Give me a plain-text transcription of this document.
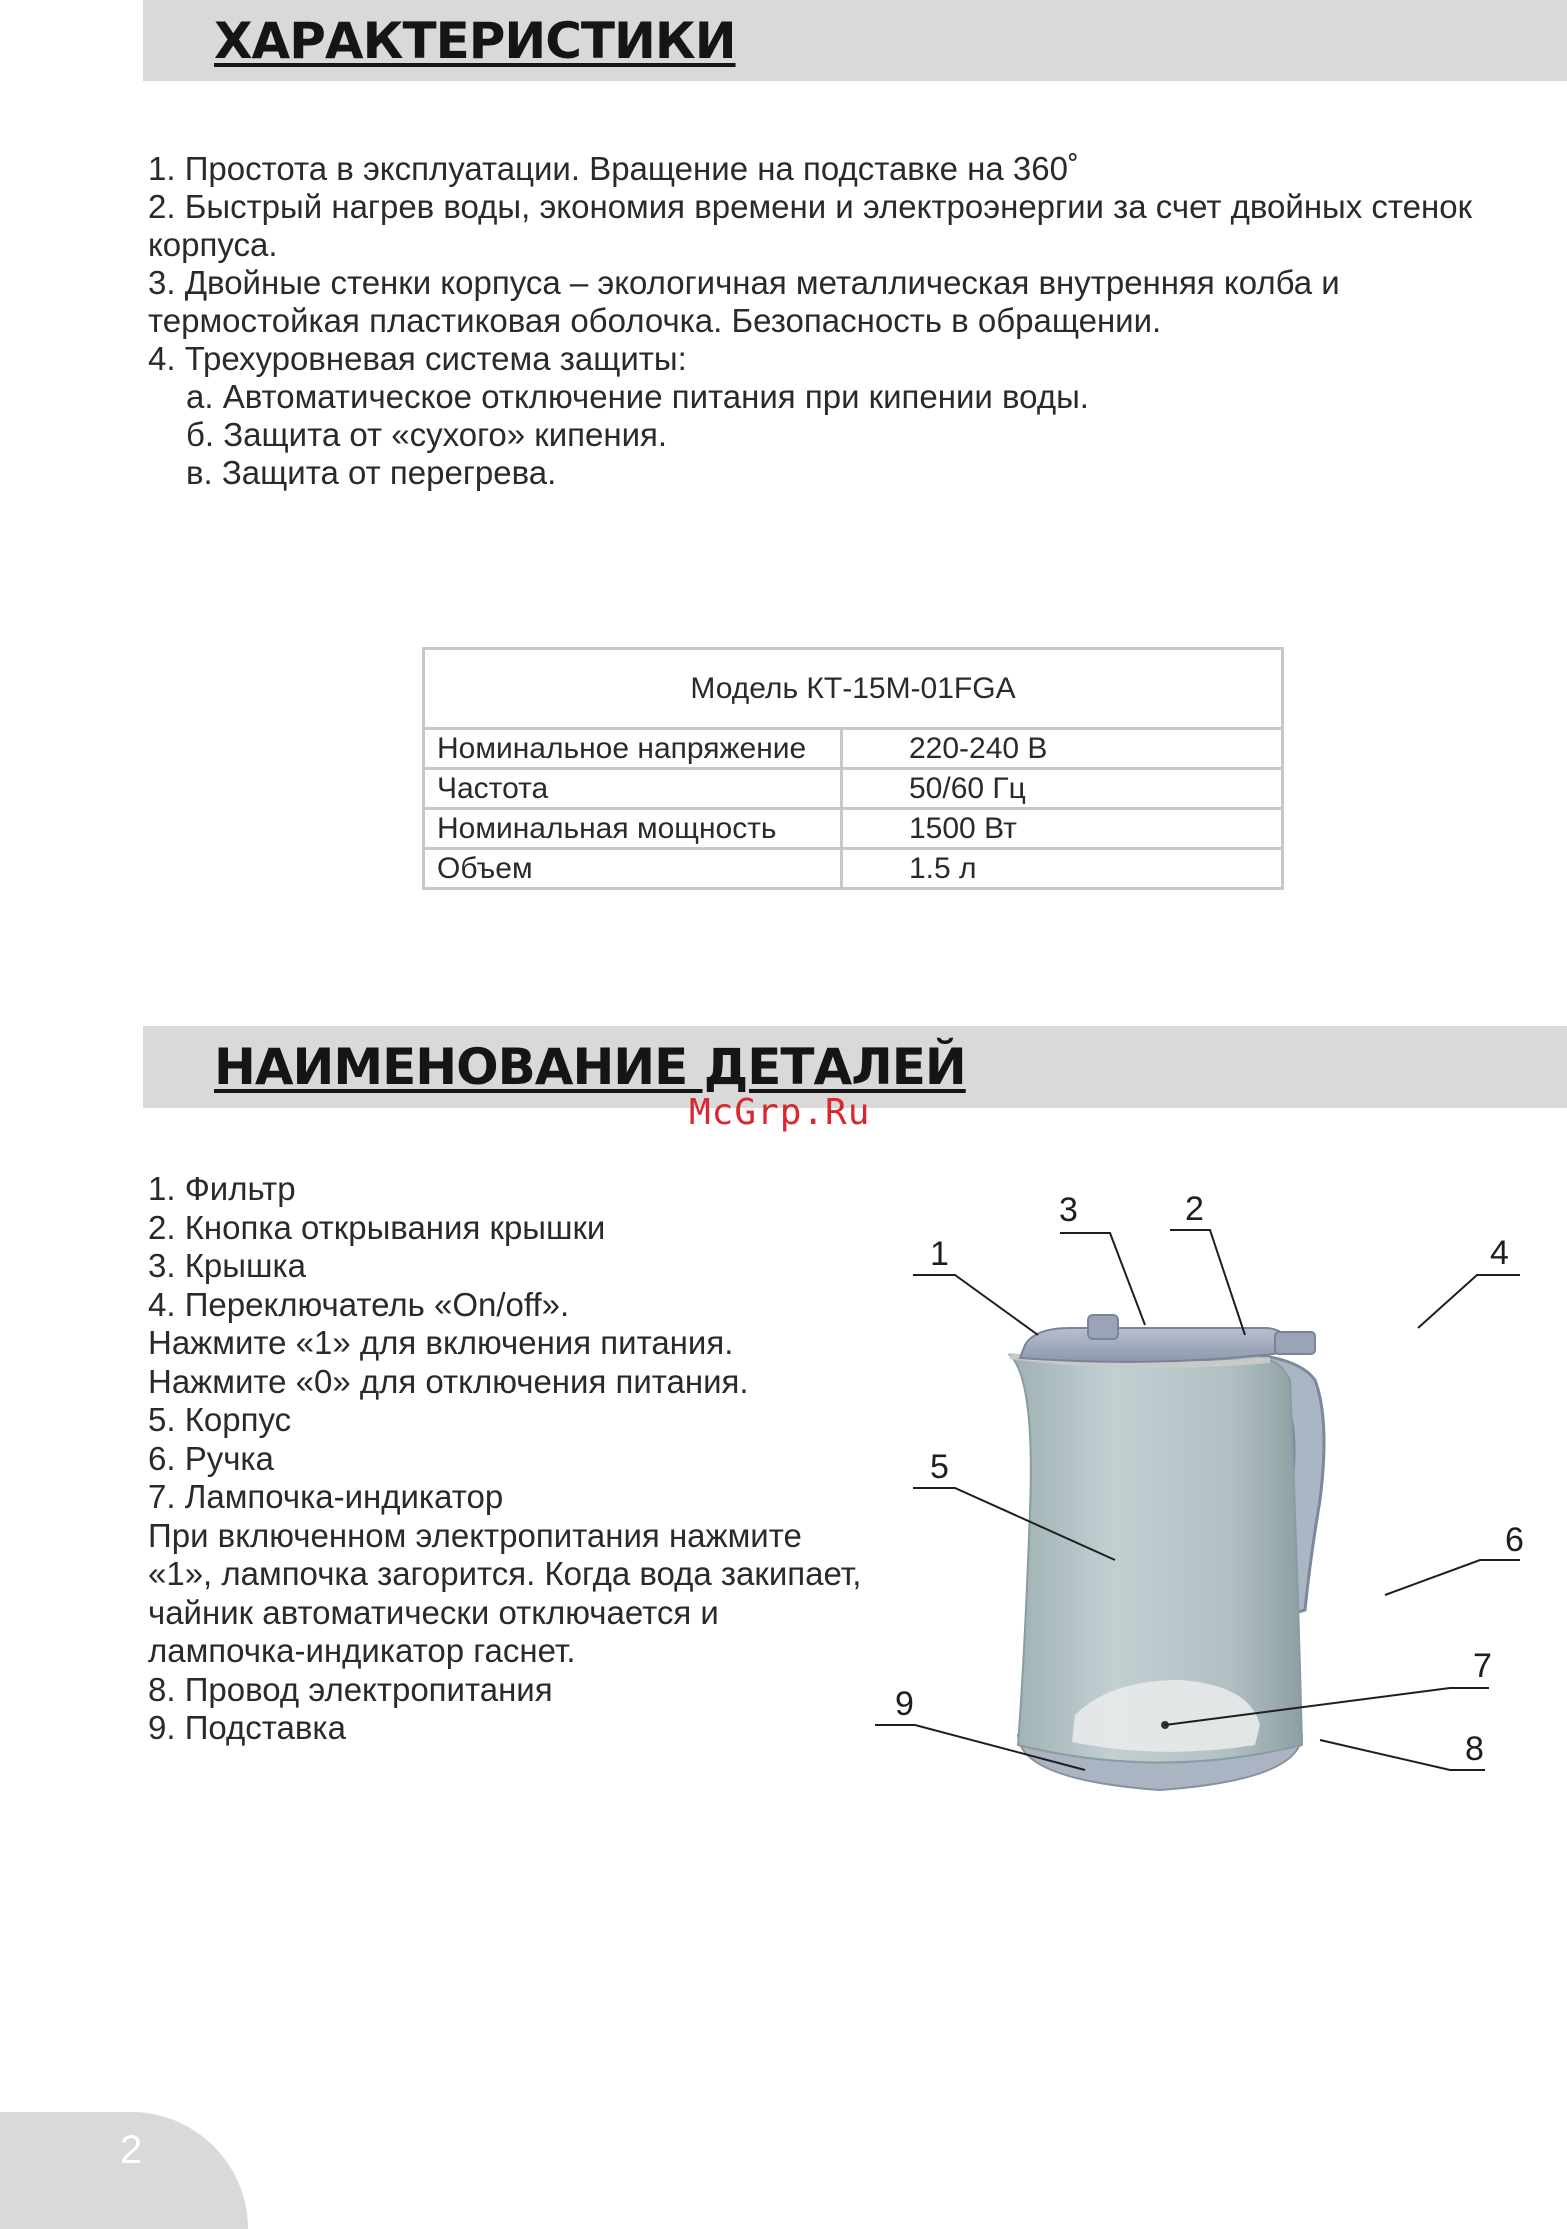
ХАРАКТЕРИСТИКИ

1. Простота в эксплуатации. Вращение на подставке на 360˚

2. Быстрый нагрев воды, экономия времени и электроэнергии за счет двойных стенок корпуса.

3. Двойные стенки корпуса – экологичная металлическая внутренняя колба и термостойкая пластиковая оболочка. Безопасность в обращении.

4. Трехуровневая система защиты:

а. Автоматическое отключение питания при кипении воды.

б. Защита от «сухого» кипения.

в. Защита от перегрева.

Модель КТ-15М-01FGA	
Номинальное напряжение	220-240 В
Частота	50/60 Гц
Номинальная мощность	1500 Вт
Объем	1.5 л
НАИМЕНОВАНИЕ ДЕТАЛЕЙ

McGrp.Ru

1. Фильтр

2. Кнопка открывания крышки

3. Крышка

4. Переключатель «On/off».

Нажмите «1» для включения питания.

Нажмите «0» для отключения питания.

5. Корпус

6. Ручка

7. Лампочка-индикатор

При включенном электропитания нажмите «1», лампочка загорится. Когда вода закипает, чайник автоматически отключается и лампочка-индикатор гаснет.

8. Провод электропитания

9. Подставка

1
2
3
4
5
6
7
8
9

2
